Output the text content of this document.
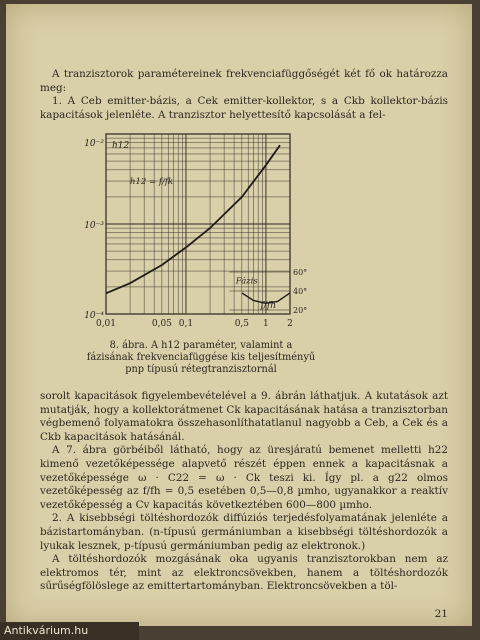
A tranzisztorok paramétereinek frekvenciafüggőségét két fő ok határozza meg:

1. A Ceb emitter-bázis, a Cek emitter-kollektor, s a Ckb kollektor-bázis kapacitások jelenléte. A tranzisztor helyettesítő kapcsolását a fel-

0,01	0,05 0,1	0,5 1 2
10⁻²
10⁻³
10⁻⁴
h12
h12 = f/fk
f/fh
60°
40°
20°
Fázis
8. ábra. A h12 paraméter, valamint a fázisának frekvenciafüggése kis teljesítményű pnp típusú rétegtranzisztornál

sorolt kapacitások figyelembevételével a 9. ábrán láthatjuk. A kutatások azt mutatják, hogy a kollektorátmenet Ck kapacitásának hatása a tranzisztorban végbemenő folyamatokra összehasonlíthatatlanul nagyobb a Ceb, a Cek és a Ckb kapacitások hatásánál.

A 7. ábra görbéiből látható, hogy az üresjáratú bemenet melletti h22 kimenő vezetőképessége alapvető részét éppen ennek a kapacitásnak a vezetőképessége ω · C22 = ω · Ck teszi ki. Így pl. a g22 olmos vezetőképesség az f/fh = 0,5 esetében 0,5—0,8 µmho, ugyanakkor a reaktív vezetőképesség a Cv kapacitás következtében 600—800 µmho.

2. A kisebbségi töltéshordozók diffúziós terjedésfolyamatának jelenléte a bázistartományban. (n-típusú germániumban a kisebbségi töltéshordozók a lyukak lesznek, p-típusú germániumban pedig az elektronok.)

A töltéshordozók mozgásának oka ugyanis tranzisztorokban nem az elektromos tér, mint az elektroncsövekben, hanem a töltéshordozók sűrűségfölöslege az emittertartományban. Elektroncsövekben a töl-

21
Antikvárium.hu
